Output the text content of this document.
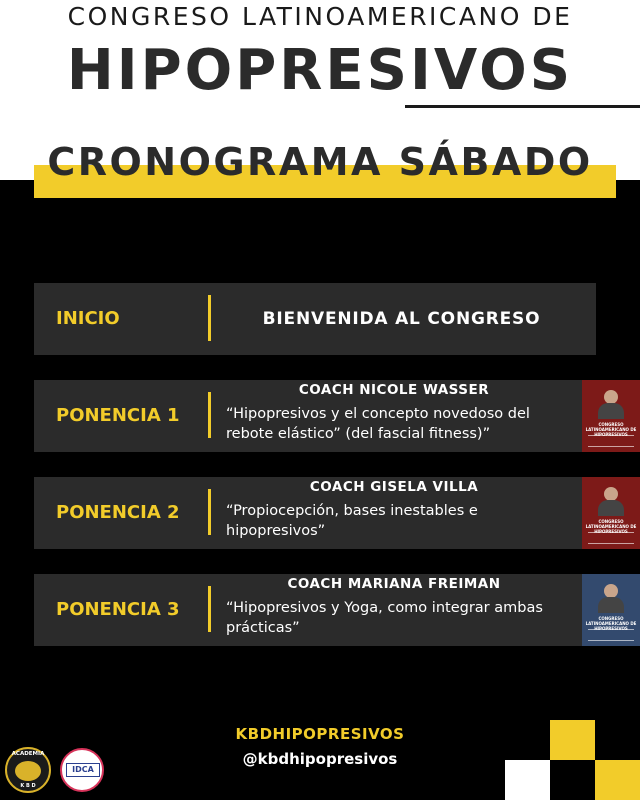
CONGRESO LATINOAMERICANO DE
HIPOPRESIVOS
CRONOGRAMA SÁBADO
INICIO	BIENVENIDA AL CONGRESO
PONENCIA 1
COACH NICOLE WASSER
“Hipopresivos y el concepto novedoso del rebote elástico” (del fascial fitness)”
CONGRESO LATINOAMERICANO DE HIPOPRESIVOS
PONENCIA 2
COACH GISELA VILLA
“Propiocepción, bases inestables e hipopresivos”
CONGRESO LATINOAMERICANO DE HIPOPRESIVOS
PONENCIA 3
COACH MARIANA FREIMAN
“Hipopresivos y Yoga, como integrar ambas prácticas”
CONGRESO LATINOAMERICANO DE HIPOPRESIVOS
KBDHIPOPRESIVOS
@kbdhipopresivos
ACADEMIA
K B D
IDCA
